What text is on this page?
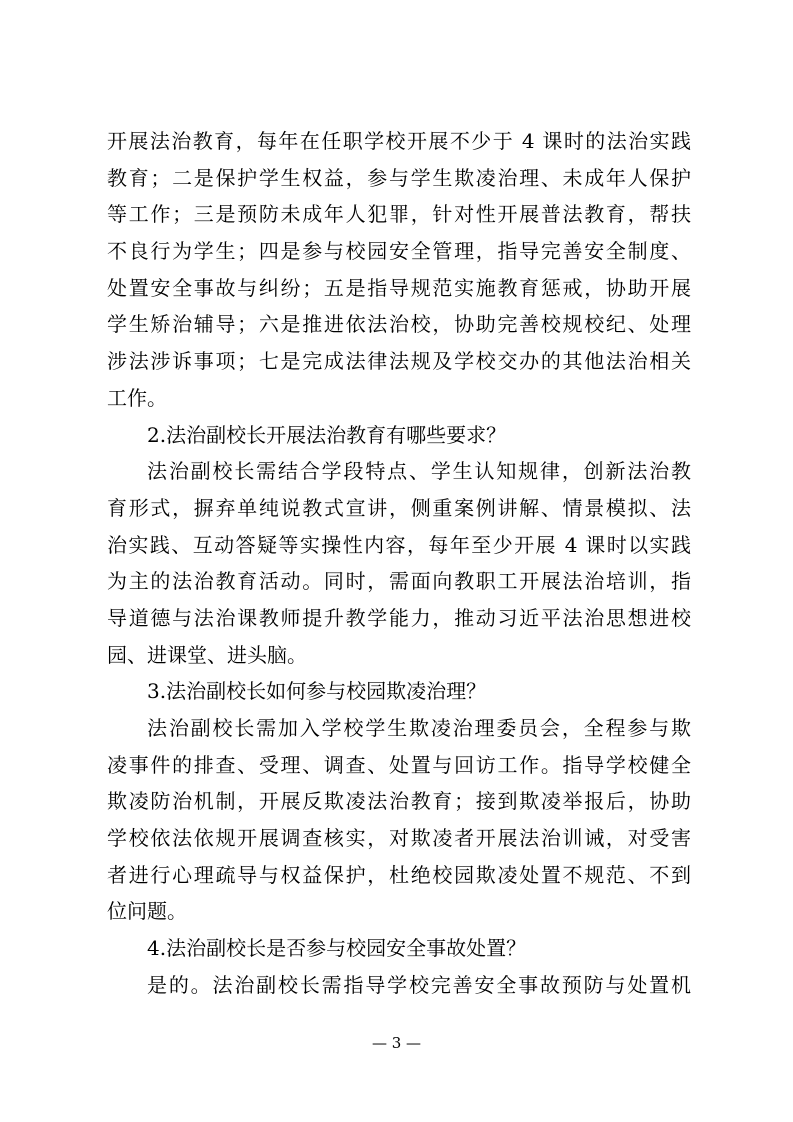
开展法治教育，每年在任职学校开展不少于 4 课时的法治实践
教育；二是保护学生权益，参与学生欺凌治理、未成年人保护
等工作；三是预防未成年人犯罪，针对性开展普法教育，帮扶
不良行为学生；四是参与校园安全管理，指导完善安全制度、
处置安全事故与纠纷；五是指导规范实施教育惩戒，协助开展
学生矫治辅导；六是推进依法治校，协助完善校规校纪、处理
涉法涉诉事项；七是完成法律法规及学校交办的其他法治相关
工作。
2.法治副校长开展法治教育有哪些要求？
法治副校长需结合学段特点、学生认知规律，创新法治教
育形式，摒弃单纯说教式宣讲，侧重案例讲解、情景模拟、法
治实践、互动答疑等实操性内容，每年至少开展 4 课时以实践
为主的法治教育活动。同时，需面向教职工开展法治培训，指
导道德与法治课教师提升教学能力，推动习近平法治思想进校
园、进课堂、进头脑。
3.法治副校长如何参与校园欺凌治理？
法治副校长需加入学校学生欺凌治理委员会，全程参与欺
凌事件的排查、受理、调查、处置与回访工作。指导学校健全
欺凌防治机制，开展反欺凌法治教育；接到欺凌举报后，协助
学校依法依规开展调查核实，对欺凌者开展法治训诫，对受害
者进行心理疏导与权益保护，杜绝校园欺凌处置不规范、不到
位问题。
4.法治副校长是否参与校园安全事故处置？
是的。法治副校长需指导学校完善安全事故预防与处置机
— 3 —
